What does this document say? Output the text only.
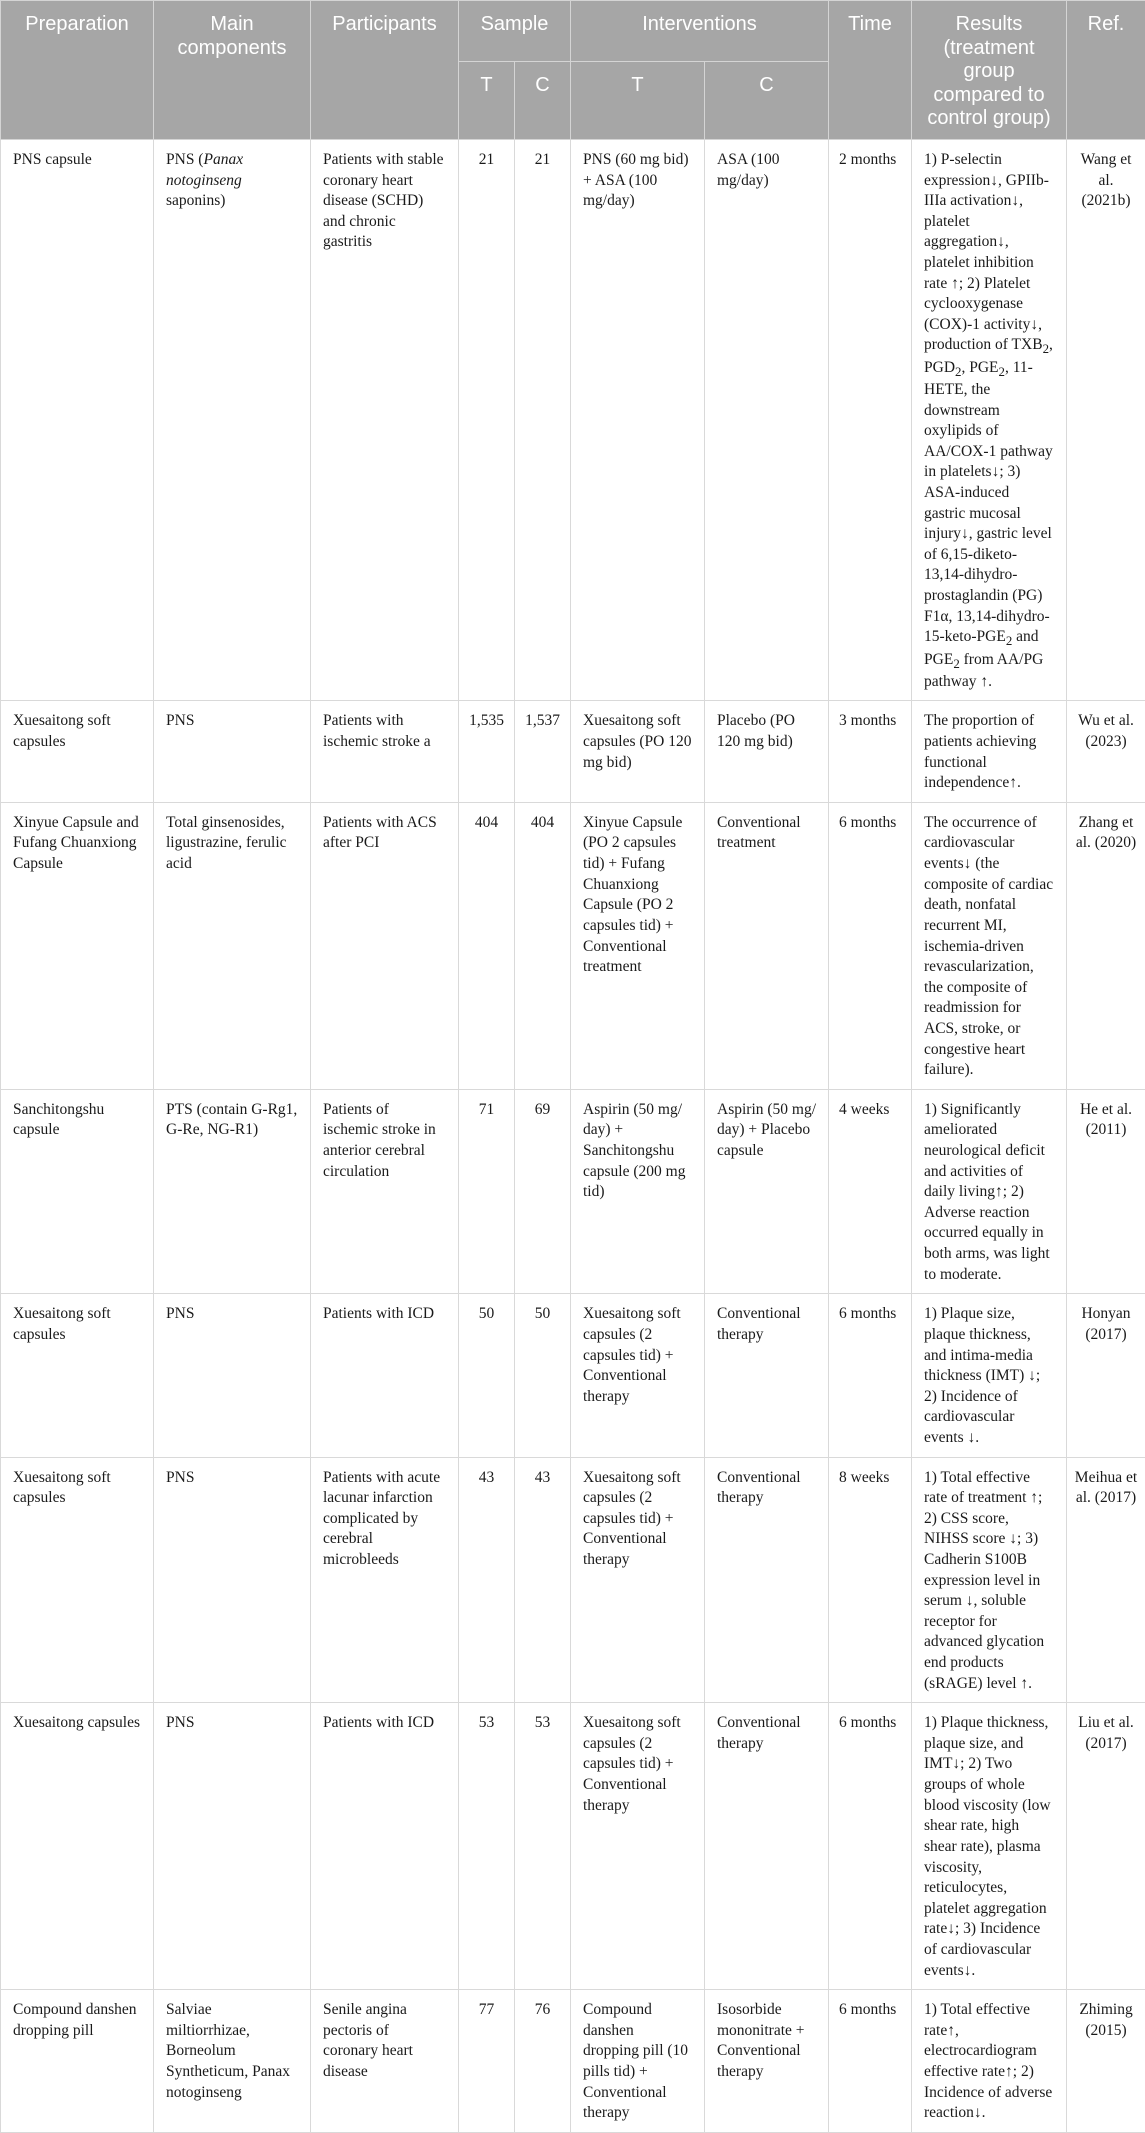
Preparation	Main components	Participants	Sample		Interventions		Time	Results (treatment group compared to control group)	Ref.
			T	C	T	C			
PNS capsule	PNS (Panax notoginseng saponins)	Patients with stable coronary heart disease (SCHD) and chronic gastritis	21	21	PNS (60 mg bid) + ASA (100 mg/day)	ASA (100 mg/day)	2 months	1) P-selectin expression↓, GPIIb-IIIa activation↓, platelet aggregation↓, platelet inhibition rate ↑; 2) Platelet cyclooxygenase (COX)-1 activity↓, production of $TXB_2$, $PGD_2$, $PGE_2$, 11-HETE, the downstream oxylipids of AA/COX-1 pathway in platelets↓; 3) ASA-induced gastric mucosal injury↓, gastric level of 6,15-diketo-13,14-dihydro-prostaglandin (PG) F1α, $13,14-dihydro-15-keto-PGE_2$ and $PGE_2$ from AA/PG pathway ↑.	Wang et al. (2021b)
Xuesaitong soft capsules	PNS	Patients with ischemic stroke a	1,535	1,537	Xuesaitong soft capsules (PO 120 mg bid)	Placebo (PO 120 mg bid)	3 months	The proportion of patients achieving functional independence↑.	Wu et al. (2023)
Xinyue Capsule and Fufang Chuanxiong Capsule	Total ginsenosides, ligustrazine, ferulic acid	Patients with ACS after PCI	404	404	Xinyue Capsule (PO 2 capsules tid) + Fufang Chuanxiong Capsule (PO 2 capsules tid) + Conventional treatment	Conventional treatment	6 months	The occurrence of cardiovascular events↓ (the composite of cardiac death, nonfatal recurrent MI, ischemia-driven revascularization, the composite of readmission for ACS, stroke, or congestive heart failure).	Zhang et al. (2020)
Sanchitongshu capsule	PTS (contain G-Rg1, G-Re, NG-R1)	Patients of ischemic stroke in anterior cerebral circulation	71	69	Aspirin (50 mg/ day) + Sanchitongshu capsule (200 mg tid)	Aspirin (50 mg/ day) + Placebo capsule	4 weeks	1) Significantly ameliorated neurological deficit and activities of daily living↑; 2) Adverse reaction occurred equally in both arms, was light to moderate.	He et al. (2011)
Xuesaitong soft capsules	PNS	Patients with ICD	50	50	Xuesaitong soft capsules (2 capsules tid) + Conventional therapy	Conventional therapy	6 months	1) Plaque size, plaque thickness, and intima-media thickness (IMT) ↓; 2) Incidence of cardiovascular events ↓.	Honyan (2017)
Xuesaitong soft capsules	PNS	Patients with acute lacunar infarction complicated by cerebral microbleeds	43	43	Xuesaitong soft capsules (2 capsules tid) + Conventional therapy	Conventional therapy	8 weeks	1) Total effective rate of treatment ↑; 2) CSS score, NIHSS score ↓; 3) Cadherin S100B expression level in serum ↓, soluble receptor for advanced glycation end products (sRAGE) level ↑.	Meihua et al. (2017)
Xuesaitong capsules	PNS	Patients with ICD	53	53	Xuesaitong soft capsules (2 capsules tid) + Conventional therapy	Conventional therapy	6 months	1) Plaque thickness, plaque size, and IMT↓; 2) Two groups of whole blood viscosity (low shear rate, high shear rate), plasma viscosity, reticulocytes, platelet aggregation rate↓; 3) Incidence of cardiovascular events↓.	Liu et al. (2017)
Compound danshen dropping pill	Salviae miltiorrhizae, Borneolum Syntheticum, Panax notoginseng	Senile angina pectoris of coronary heart disease	77	76	Compound danshen dropping pill (10 pills tid) + Conventional therapy	Isosorbide mononitrate + Conventional therapy	6 months	1) Total effective rate↑, electrocardiogram effective rate↑; 2) Incidence of adverse reaction↓.	Zhiming (2015)
